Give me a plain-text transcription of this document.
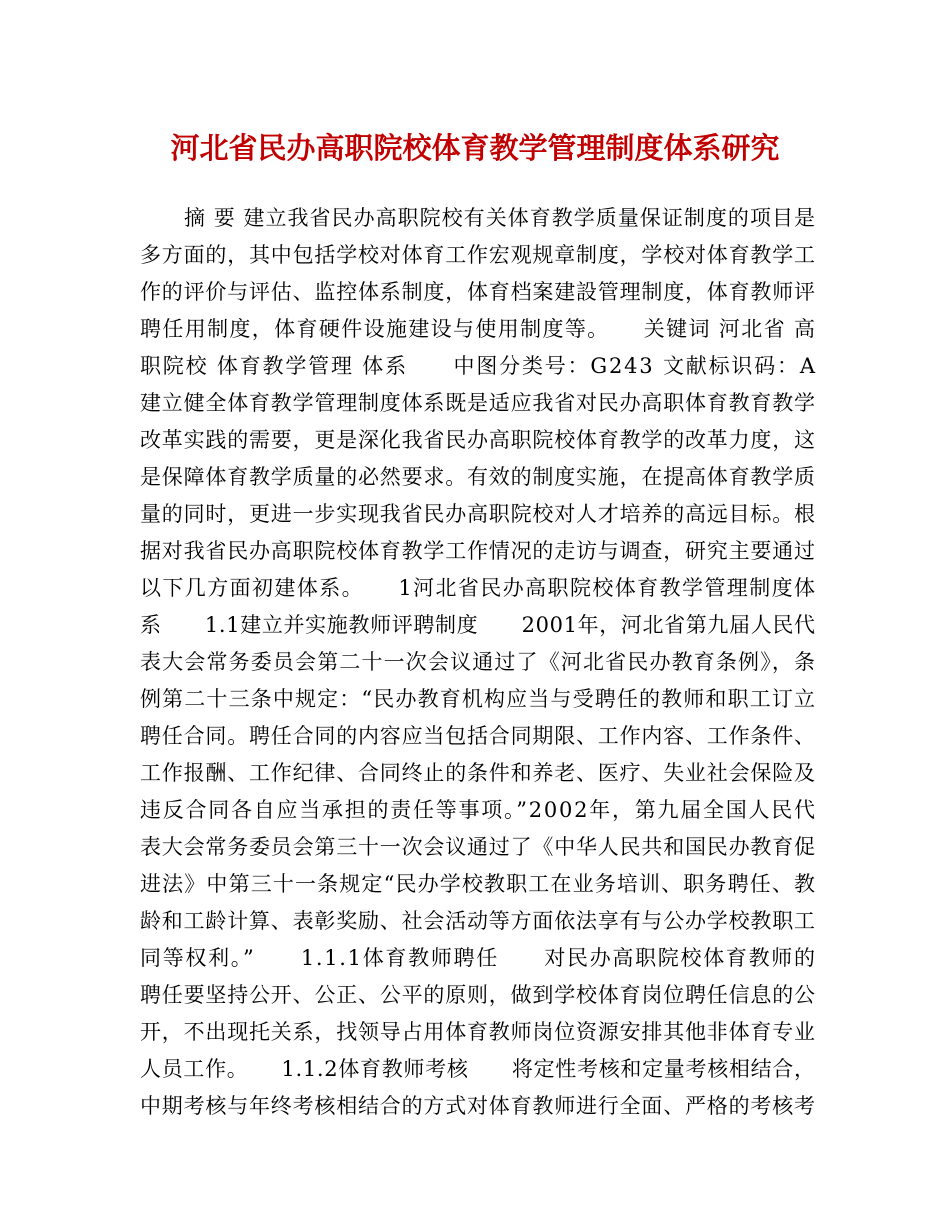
河北省民办高职院校体育教学管理制度体系研究
　　摘 要 建立我省民办高职院校有关体育教学质量保证制度的项目是
多方面的，其中包括学校对体育工作宏观规章制度，学校对体育教学工
作的评价与评估、监控体系制度，体育档案建設管理制度，体育教师评
聘任用制度，体育硬件设施建设与使用制度等。　　关键词 河北省 高
职院校 体育教学管理 体系　　中图分类号：G243 文献标识码：A
建立健全体育教学管理制度体系既是适应我省对民办高职体育教育教学
改革实践的需要，更是深化我省民办高职院校体育教学的改革力度，这
是保障体育教学质量的必然要求。有效的制度实施，在提高体育教学质
量的同时，更进一步实现我省民办高职院校对人才培养的高远目标。根
据对我省民办高职院校体育教学工作情况的走访与调查，研究主要通过
以下几方面初建体系。　　1河北省民办高职院校体育教学管理制度体
系　　1.1建立并实施教师评聘制度　　2001年，河北省第九届人民代
表大会常务委员会第二十一次会议通过了《河北省民办教育条例》，条
例第二十三条中规定：“民办教育机构应当与受聘任的教师和职工订立
聘任合同。聘任合同的内容应当包括合同期限、工作内容、工作条件、
工作报酬、工作纪律、合同终止的条件和养老、医疗、失业社会保险及
违反合同各自应当承担的责任等事项。”2002年，第九届全国人民代
表大会常务委员会第三十一次会议通过了《中华人民共和国民办教育促
进法》中第三十一条规定“民办学校教职工在业务培训、职务聘任、教
龄和工龄计算、表彰奖励、社会活动等方面依法享有与公办学校教职工
同等权利。”　　1.1.1体育教师聘任　　对民办高职院校体育教师的
聘任要坚持公开、公正、公平的原则，做到学校体育岗位聘任信息的公
开，不出现托关系，找领导占用体育教师岗位资源安排其他非体育专业
人员工作。　　1.1.2体育教师考核　　将定性考核和定量考核相结合，
中期考核与年终考核相结合的方式对体育教师进行全面、严格的考核考
